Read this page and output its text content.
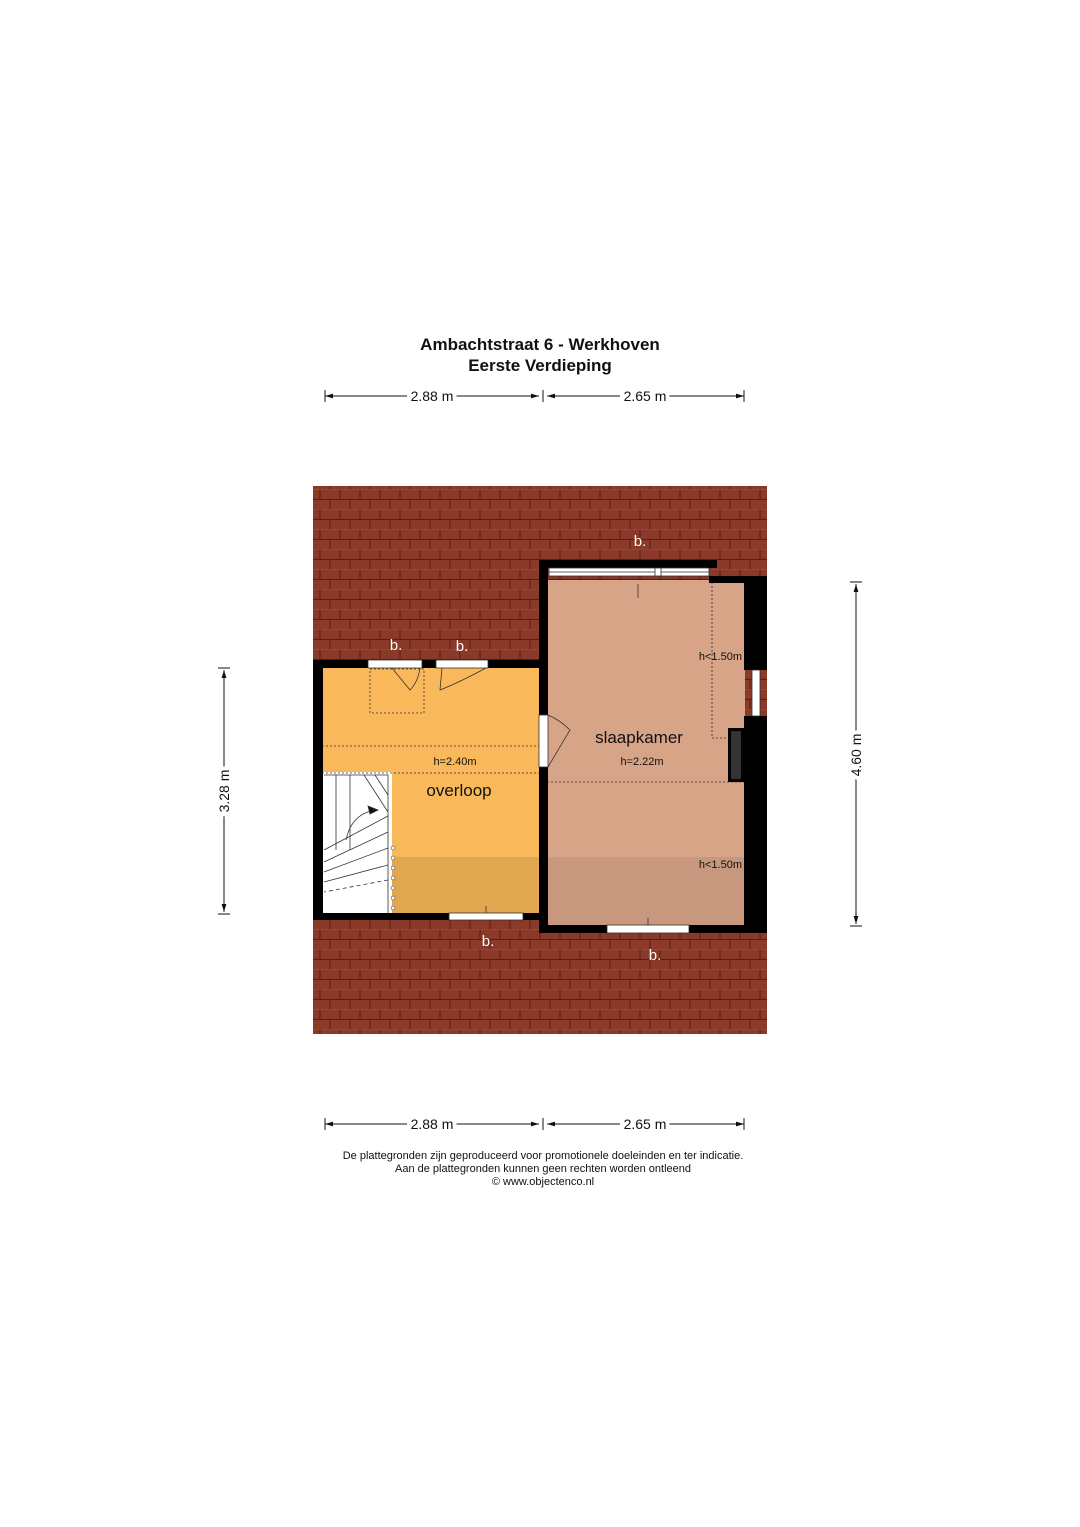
Ambachtstraat 6 - Werkhoven
Eerste Verdieping
2.88 m	2.65 m
2.88 m	2.65 m
3.28 m
4.60 m
overloop
h=2.40m
slaapkamer
h=2.22m
h<1.50m
h<1.50m
b.
b.	b.
b.
b.
De plattegronden zijn geproduceerd voor promotionele doeleinden en ter indicatie.
Aan de plattegronden kunnen geen rechten worden ontleend
© www.objectenco.nl
